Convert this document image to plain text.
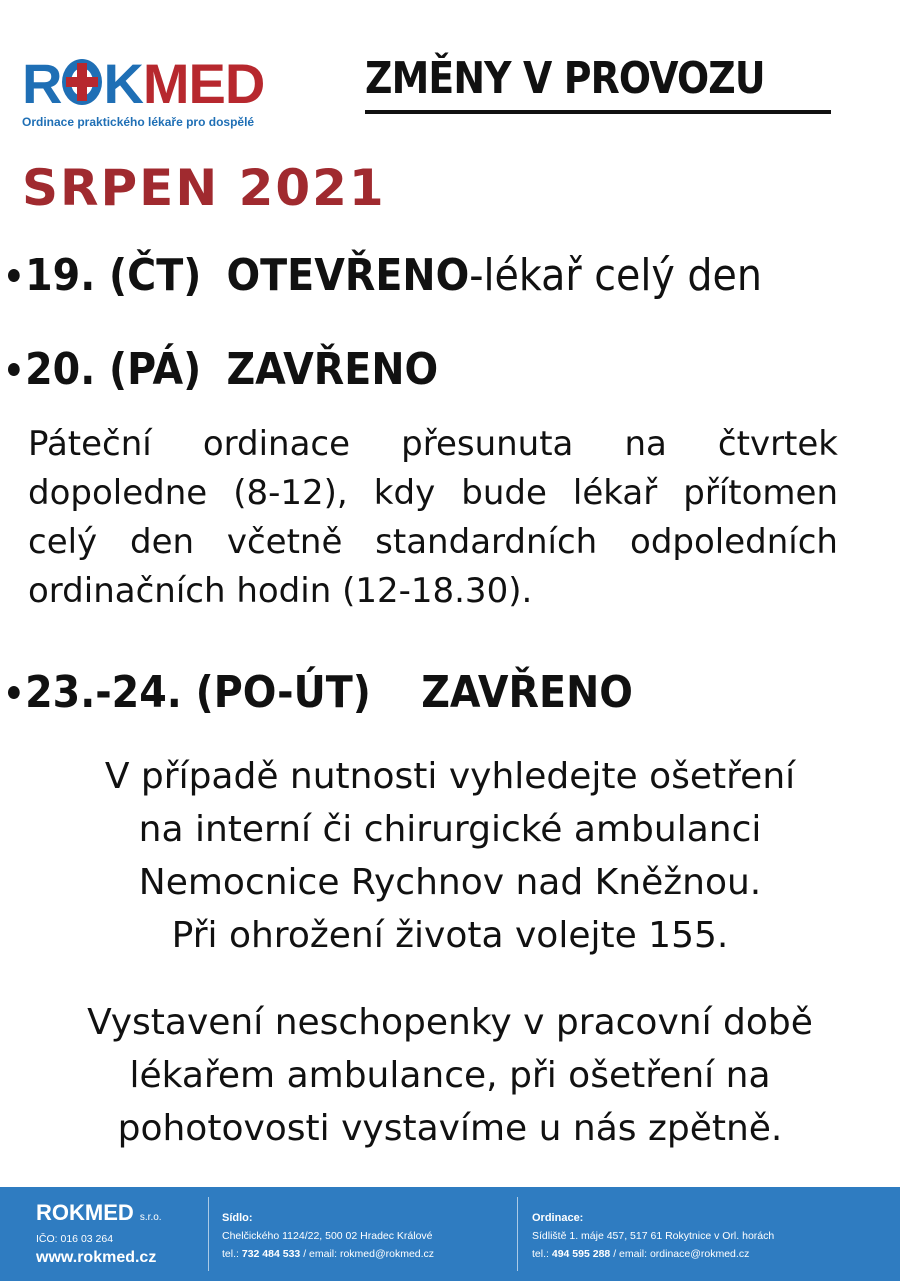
R KMED
Ordinace praktického lékaře pro dospělé
ZMĚNY V PROVOZU
SRPEN 2021
19. (ČT) OTEVŘENO-lékař celý den
20. (PÁ) ZAVŘENO
Páteční ordinace přesunuta na čtvrtek
dopoledne (8-12), kdy bude lékař přítomen
celý den včetně standardních odpoledních
ordinačních hodin (12-18.30).
23.-24. (PO-ÚT) ZAVŘENO
V případě nutnosti vyhledejte ošetření
na interní či chirurgické ambulanci
Nemocnice Rychnov nad Kněžnou.
Při ohrožení života volejte 155.
Vystavení neschopenky v pracovní době
lékařem ambulance, při ošetření na
pohotovosti vystavíme u nás zpětně.
ROKMED s.r.o.
IČO: 016 03 264
www.rokmed.cz
Sídlo:
Chelčického 1124/22, 500 02 Hradec Králové
tel.: 732 484 533 / email: rokmed@rokmed.cz
Ordinace:
Sídliště 1. máje 457, 517 61 Rokytnice v Orl. horách
tel.: 494 595 288 / email: ordinace@rokmed.cz
